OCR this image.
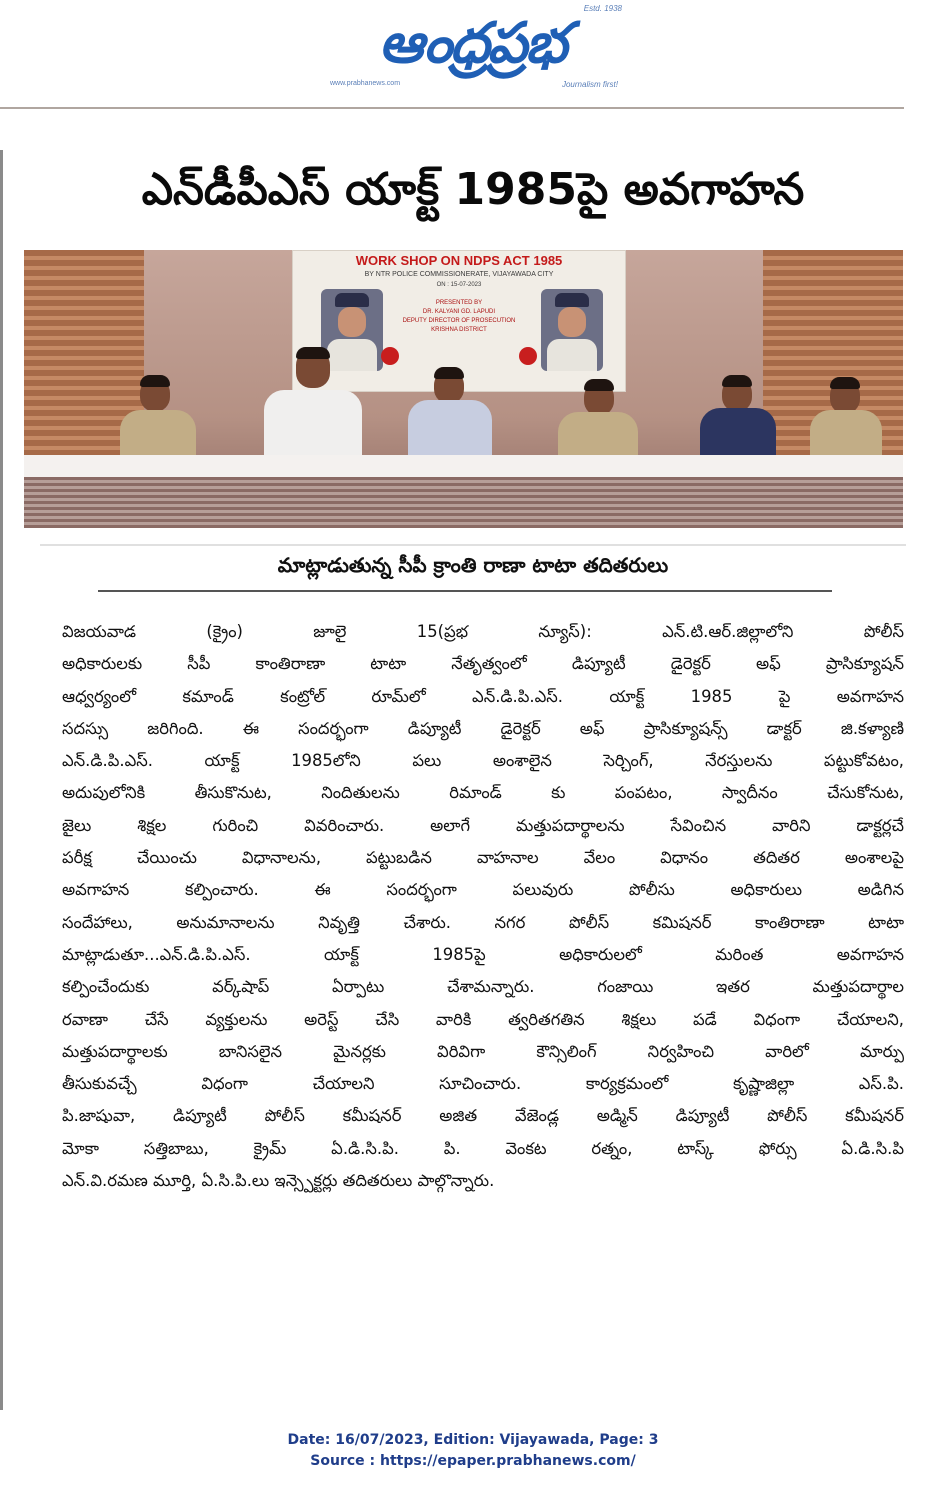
ఆంధ్రప్రభ
Estd. 1938
www.prabhanews.com	Journalism first!
ఎన్‌డీపీఎస్ యాక్ట్ 1985పై అవగాహన
WORK SHOP ON NDPS ACT 1985
BY NTR POLICE COMMISSIONERATE, VIJAYAWADA CITY
ON : 15-07-2023
PRESENTED BY
DR. KALYANI GD. LAPUDI
DEPUTY DIRECTOR OF PROSECUTION
KRISHNA DISTRICT
మాట్లాడుతున్న సీపీ క్రాంతి రాణా టాటా తదితరులు
విజయవాడ (క్రైం) జూలై 15(ప్రభ న్యూస్): ఎన్.టి.ఆర్.జిల్లాలోని పోలీస్
అధికారులకు సీపీ కాంతిరాణా టాటా నేతృత్వంలో డిప్యూటీ డైరెక్టర్ అఫ్ ప్రాసిక్యూషన్
ఆధ్వర్యంలో కమాండ్ కంట్రోల్ రూమ్‌లో ఎన్.డి.పి.ఎస్. యాక్ట్ 1985 పై అవగాహన
సదస్సు జరిగింది. ఈ సందర్భంగా డిప్యూటీ డైరెక్టర్ అఫ్ ప్రాసిక్యూషన్స్ డాక్టర్ జి.కళ్యాణి
ఎన్.డి.పి.ఎస్. యాక్ట్ 1985లోని పలు అంశాలైన సెర్చింగ్, నేరస్తులను పట్టుకోవటం,
అదుపులోనికి తీసుకొనుట, నిందితులను రిమాండ్ కు పంపటం, స్వాదీనం చేసుకోనుట,
జైలు శిక్షల గురించి వివరించారు. అలాగే మత్తుపదార్థాలను సేవించిన వారిని డాక్టర్లచే
పరీక్ష చేయించు విధానాలను, పట్టుబడిన వాహనాల వేలం విధానం తదితర అంశాలపై
అవగాహన కల్పించారు. ఈ సందర్భంగా పలువురు పోలీసు అధికారులు అడిగిన
సందేహాలు, అనుమానాలను నివృత్తి చేశారు. నగర పోలీస్ కమిషనర్ కాంతిరాణా టాటా
మాట్లాడుతూ...ఎన్.డి.పి.ఎస్. యాక్ట్ 1985పై అధికారులలో మరింత అవగాహన
కల్పించేందుకు వర్క్‌షాప్ ఏర్పాటు చేశామన్నారు. గంజాయి ఇతర మత్తుపదార్థాల
రవాణా చేసే వ్యక్తులను అరెస్ట్ చేసి వారికి త్వరితగతిన శిక్షలు పడే విధంగా చేయాలని,
మత్తుపదార్థాలకు బానిసలైన మైనర్లకు విరివిగా కౌన్సిలింగ్ నిర్వహించి వారిలో మార్పు
తీసుకువచ్చే విధంగా చేయాలని సూచించారు. కార్యక్రమంలో కృష్ణాజిల్లా ఎస్.పి.
పి.జాషువా, డిప్యూటీ పోలీస్ కమీషనర్ అజిత వేజెండ్ల అడ్మిన్ డిప్యూటీ పోలీస్ కమీషనర్
మోకా సత్తిబాబు, క్రైమ్ ఏ.డి.సి.పి. పి. వెంకట రత్నం, టాస్క్ ఫోర్సు ఏ.డి.సి.పి
ఎన్.వి.రమణ మూర్తి, ఏ.సి.పి.లు ఇన్స్పెక్టర్లు తదితరులు పాల్గొన్నారు.
Date: 16/07/2023, Edition: Vijayawada, Page: 3
Source : https://epaper.prabhanews.com/
